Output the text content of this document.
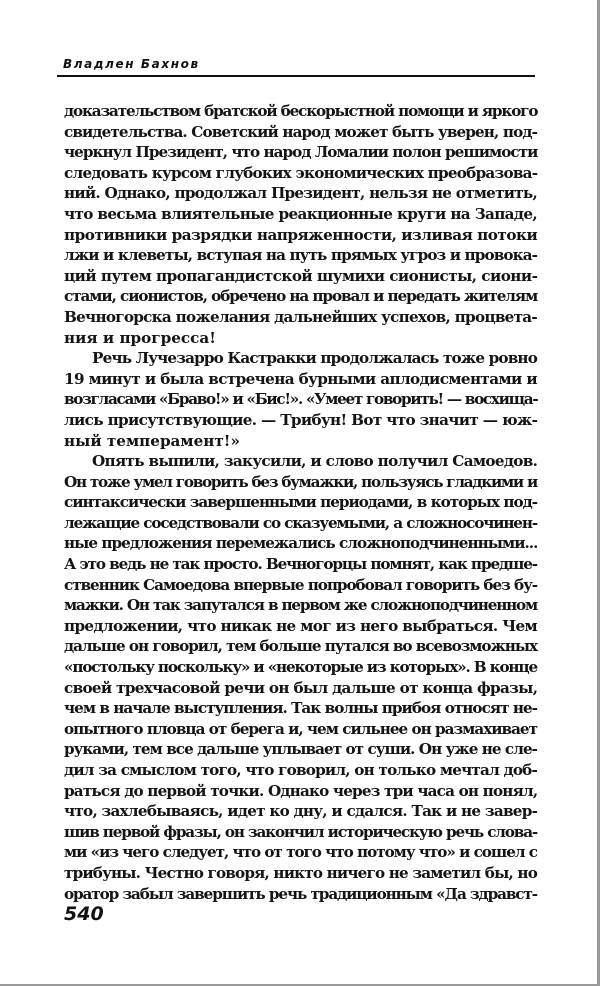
Владлен Бахнов
доказательством братской бескорыстной помощи и яркого
свидетельства. Советский народ может быть уверен, под-
черкнул Президент, что народ Ломалии полон решимости
следовать курсом глубоких экономических преобразова-
ний. Однако, продолжал Президент, нельзя не отметить,
что весьма влиятельные реакционные круги на Западе,
противники разрядки напряженности, изливая потоки
лжи и клеветы, вступая на путь прямых угроз и провока-
ций путем пропагандистской шумихи сионисты, сиони-
стами, сионистов, обречено на провал и передать жителям
Вечногорска пожелания дальнейших успехов, процвета-
ния и прогресса!
Речь Лучезарро Кастракки продолжалась тоже ровно
19 минут и была встречена бурными аплодисментами и
возгласами «Браво!» и «Бис!». «Умеет говорить! — восхища-
лись присутствующие. — Трибун! Вот что значит — юж-
ный темперамент!»
Опять выпили, закусили, и слово получил Самоедов.
Он тоже умел говорить без бумажки, пользуясь гладкими и
синтаксически завершенными периодами, в которых под-
лежащие соседствовали со сказуемыми, а сложносочинен-
ные предложения перемежались сложноподчиненными...
А это ведь не так просто. Вечногорцы помнят, как предше-
ственник Самоедова впервые попробовал говорить без бу-
мажки. Он так запутался в первом же сложноподчиненном
предложении, что никак не мог из него выбраться. Чем
дальше он говорил, тем больше путался во всевозможных
«постольку поскольку» и «некоторые из которых». В конце
своей трехчасовой речи он был дальше от конца фразы,
чем в начале выступления. Так волны прибоя относят не-
опытного пловца от берега и, чем сильнее он размахивает
руками, тем все дальше уплывает от суши. Он уже не сле-
дил за смыслом того, что говорил, он только мечтал доб-
раться до первой точки. Однако через три часа он понял,
что, захлебываясь, идет ко дну, и сдался. Так и не завер-
шив первой фразы, он закончил историческую речь слова-
ми «из чего следует, что от того что потому что» и сошел с
трибуны. Честно говоря, никто ничего не заметил бы, но
оратор забыл завершить речь традиционным «Да здравст-
540
